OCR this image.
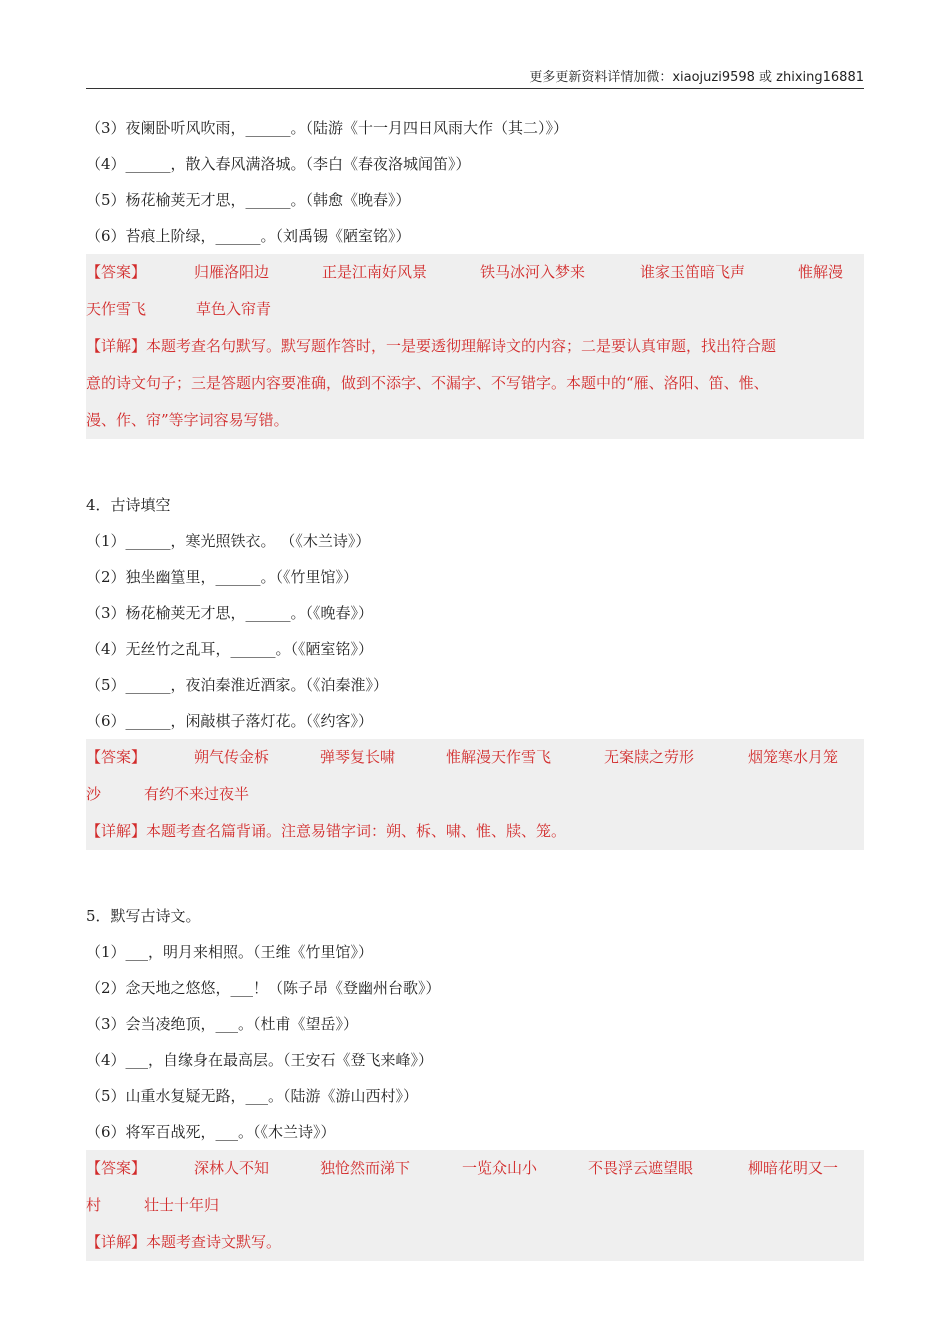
更多更新资料详情加微：xiaojuzi9598 或 zhixing16881
（3）夜阑卧听风吹雨，______。（陆游《十一月四日风雨大作（其二）》）
（4）______，散入春风满洛城。（李白《春夜洛城闻笛》）
（5）杨花榆荚无才思，______。（韩愈《晚春》）
（6）苔痕上阶绿，______。（刘禹锡《陋室铭》）
【答案】	归雁洛阳边	正是江南好风景	铁马冰河入梦来	谁家玉笛暗飞声	惟解漫
天作雪飞	草色入帘青
【详解】本题考查名句默写。默写题作答时，一是要透彻理解诗文的内容；二是要认真审题，找出符合题
意的诗文句子；三是答题内容要准确，做到不添字、不漏字、不写错字。本题中的“雁、洛阳、笛、惟、
漫、作、帘”等字词容易写错。
4．古诗填空
（1）______，寒光照铁衣。 （《木兰诗》）
（2）独坐幽篁里，______。（《竹里馆》）
（3）杨花榆荚无才思，______。（《晚春》）
（4）无丝竹之乱耳，______。（《陋室铭》）
（5）______，夜泊秦淮近酒家。（《泊秦淮》）
（6）______，闲敲棋子落灯花。（《约客》）
【答案】	朔气传金柝	弹琴复长啸	惟解漫天作雪飞	无案牍之劳形	烟笼寒水月笼
沙	有约不来过夜半
【详解】本题考查名篇背诵。注意易错字词：朔、柝、啸、惟、牍、笼。
5．默写古诗文。
（1）___，明月来相照。（王维《竹里馆》）
（2）念天地之悠悠，___！（陈子昂《登幽州台歌》）
（3）会当凌绝顶，___。（杜甫《望岳》）
（4）___，自缘身在最高层。（王安石《登飞来峰》）
（5）山重水复疑无路，___。（陆游《游山西村》）
（6）将军百战死，___。（《木兰诗》）
【答案】	深林人不知	独怆然而涕下	一览众山小	不畏浮云遮望眼	柳暗花明又一
村	壮士十年归
【详解】本题考查诗文默写。
